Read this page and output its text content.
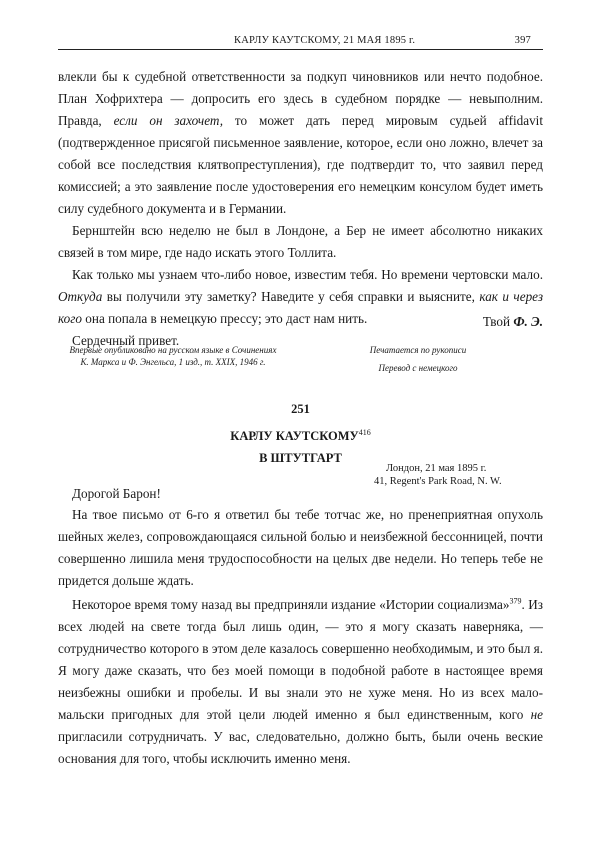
КАРЛУ КАУТСКОМУ, 21 МАЯ 1895 г.	397

влекли бы к судебной ответственности за подкуп чиновников или нечто подобное. План Хофрихтера — допросить его здесь в судебном порядке — невыполним. Правда, если он захочет, то может дать перед мировым судьей affidavit (подтвержденное присягой письменное заявление, которое, если оно ложно, влечет за собой все последствия клятвопреступления), где подтвердит то, что заявил перед комиссией; а это заявление после удостоверения его немецким консулом будет иметь силу судебного документа и в Германии.

Бернштейн всю неделю не был в Лондоне, а Бер не имеет абсолютно никаких связей в том мире, где надо искать этого Толлита.

Как только мы узнаем что-либо новое, известим тебя. Но времени чертовски мало. Откуда вы получили эту заметку? Наведите у себя справки и выясните, как и через кого она попала в немецкую прессу; это даст нам нить.

Сердечный привет.

Твой Ф. Э.
Впервые опубликовано на русском языке в Сочинениях К. Маркса и Ф. Энгельса, 1 изд., т. XXIX, 1946 г.
Печатается по рукописи
Перевод с немецкого
251
КАРЛУ КАУТСКОМУ$^{416}$
В ШТУТГАРТ
Лондон, 21 мая 1895 г.
41, Regent's Park Road, N. W.
Дорогой Барон!

На твое письмо от 6-го я ответил бы тебе тотчас же, но пренеприятная опухоль шейных желез, сопровождающаяся сильной болью и неизбежной бессонницей, почти совершенно лишила меня трудоспособности на целых две недели. Но теперь тебе не придется дольше ждать.

Некоторое время тому назад вы предприняли издание «Истории социализма»$^{379}$. Из всех людей на свете тогда был лишь один, — это я могу сказать наверняка, — сотрудничество которого в этом деле казалось совершенно необходимым, и это был я. Я могу даже сказать, что без моей помощи в подобной работе в настоящее время неизбежны ошибки и пробелы. И вы знали это не хуже меня. Но из всех мало-мальски пригодных для этой цели людей именно я был единственным, кого не пригласили сотрудничать. У вас, следовательно, должно быть, были очень веские основания для того, чтобы исключить именно меня.
